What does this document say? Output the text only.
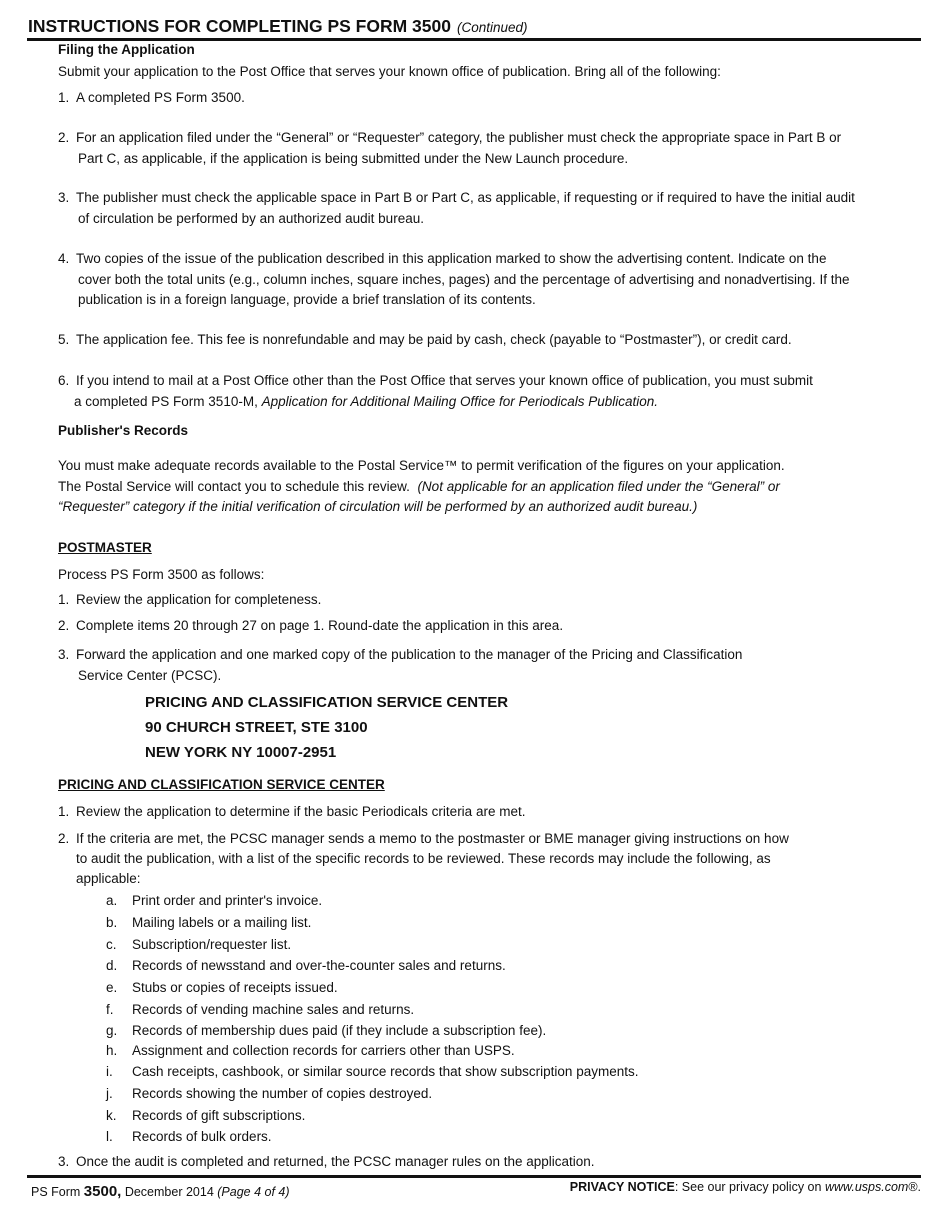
INSTRUCTIONS FOR COMPLETING PS FORM 3500 (Continued)
Filing the Application
Submit your application to the Post Office that serves your known office of publication. Bring all of the following:
1. A completed PS Form 3500.
2. For an application filed under the “General” or “Requester” category, the publisher must check the appropriate space in Part B or
Part C, as applicable, if the application is being submitted under the New Launch procedure.
3. The publisher must check the applicable space in Part B or Part C, as applicable, if requesting or if required to have the initial audit
of circulation be performed by an authorized audit bureau.
4. Two copies of the issue of the publication described in this application marked to show the advertising content. Indicate on the
cover both the total units (e.g., column inches, square inches, pages) and the percentage of advertising and nonadvertising. If the
publication is in a foreign language, provide a brief translation of its contents.
5. The application fee. This fee is nonrefundable and may be paid by cash, check (payable to “Postmaster”), or credit card.
6. If you intend to mail at a Post Office other than the Post Office that serves your known office of publication, you must submit
a completed PS Form 3510-M, Application for Additional Mailing Office for Periodicals Publication.
Publisher's Records
You must make adequate records available to the Postal Service™ to permit verification of the figures on your application.
The Postal Service will contact you to schedule this review. (Not applicable for an application filed under the “General” or
“Requester” category if the initial verification of circulation will be performed by an authorized audit bureau.)
POSTMASTER
Process PS Form 3500 as follows:
1. Review the application for completeness.
2. Complete items 20 through 27 on page 1. Round-date the application in this area.
3. Forward the application and one marked copy of the publication to the manager of the Pricing and Classification
Service Center (PCSC).
PRICING AND CLASSIFICATION SERVICE CENTER
90 CHURCH STREET, STE 3100
NEW YORK NY 10007-2951
PRICING AND CLASSIFICATION SERVICE CENTER
1. Review the application to determine if the basic Periodicals criteria are met.
2. If the criteria are met, the PCSC manager sends a memo to the postmaster or BME manager giving instructions on how
to audit the publication, with a list of the specific records to be reviewed. These records may include the following, as
applicable:
a. Print order and printer's invoice.
b. Mailing labels or a mailing list.
c. Subscription/requester list.
d. Records of newsstand and over-the-counter sales and returns.
e. Stubs or copies of receipts issued.
f. Records of vending machine sales and returns.
g. Records of membership dues paid (if they include a subscription fee).
h. Assignment and collection records for carriers other than USPS.
i. Cash receipts, cashbook, or similar source records that show subscription payments.
j. Records showing the number of copies destroyed.
k. Records of gift subscriptions.
l. Records of bulk orders.
3. Once the audit is completed and returned, the PCSC manager rules on the application.
PS Form 3500, December 2014 (Page 4 of 4)	PRIVACY NOTICE: See our privacy policy on www.usps.com®.
